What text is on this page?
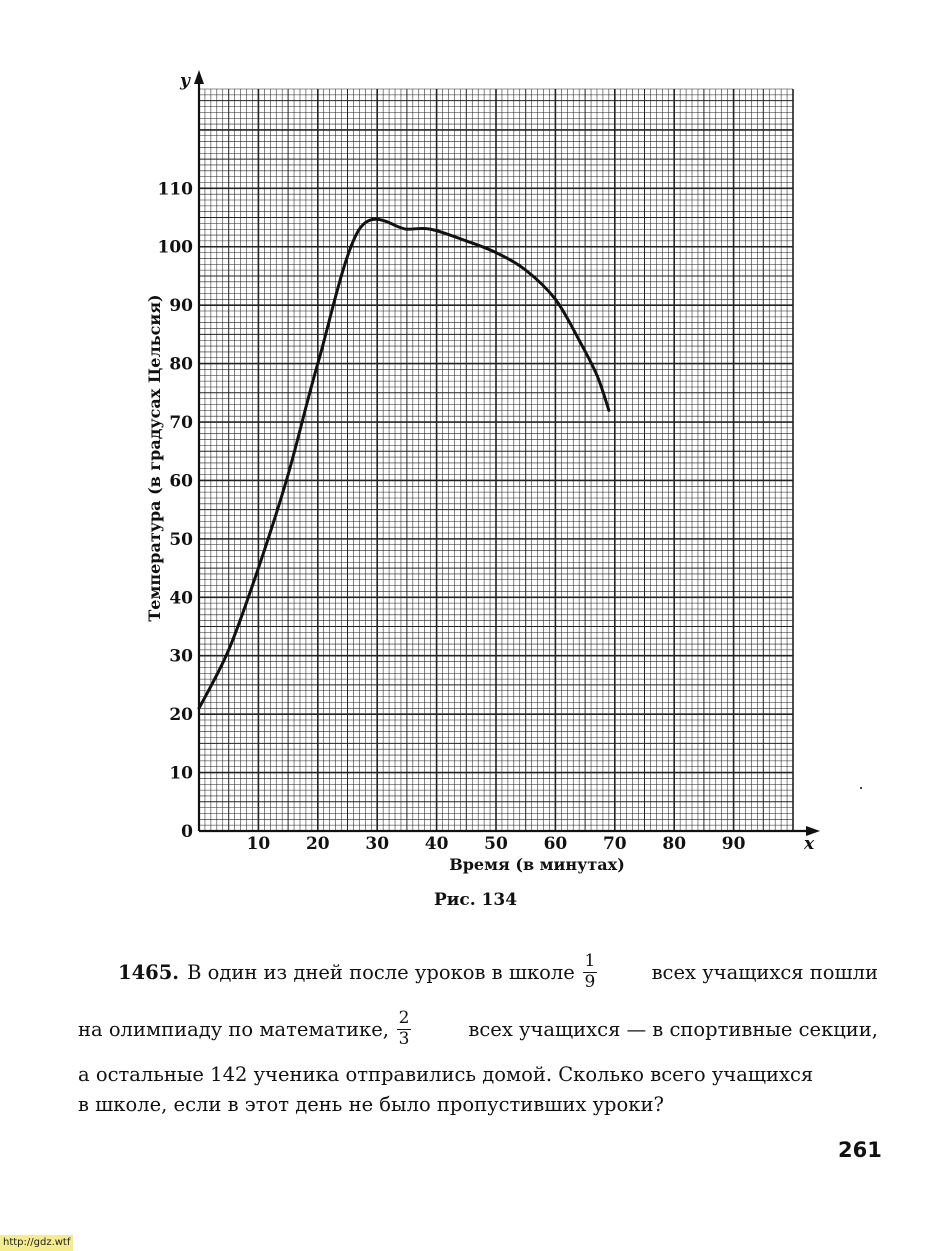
10 20 30 40 50 60 70 80 90
0
10
20
30
40
50
60
70
80
90
100
110
y
x
Время (в минутах)
Температура (в градусах Цельсия)
Рис. 134
1465. В один из дней после уроков в школе $\frac{1}{9}$	всех учащихся пошли
на олимпиаду по математике, $\frac{2}{3}$	всех учащихся — в спортивные секции,
а остальные 142 ученика отправились домой. Сколько всего учащихся
в школе, если в этот день не было пропустивших уроки?
261
http://gdz.wtf
